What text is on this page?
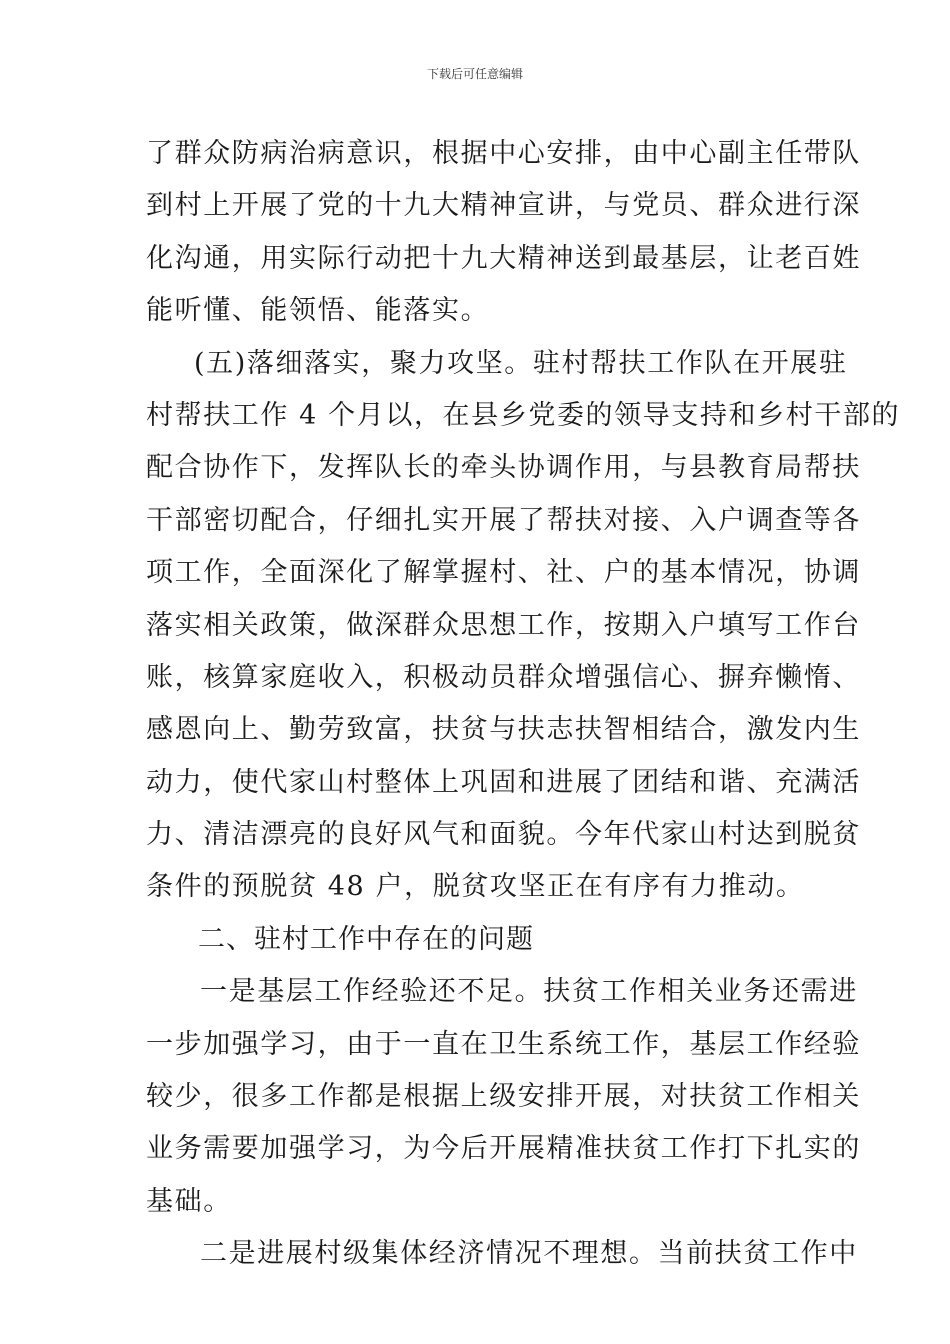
下载后可任意编辑
了群众防病治病意识，根据中心安排，由中心副主任带队
到村上开展了党的十九大精神宣讲，与党员、群众进行深
化沟通，用实际行动把十九大精神送到最基层，让老百姓
能听懂、能领悟、能落实。
(五)落细落实，聚力攻坚。驻村帮扶工作队在开展驻
村帮扶工作 4 个月以，在县乡党委的领导支持和乡村干部的
配合协作下，发挥队长的牵头协调作用，与县教育局帮扶
干部密切配合，仔细扎实开展了帮扶对接、入户调查等各
项工作，全面深化了解掌握村、社、户的基本情况，协调
落实相关政策，做深群众思想工作，按期入户填写工作台
账，核算家庭收入，积极动员群众增强信心、摒弃懒惰、
感恩向上、勤劳致富，扶贫与扶志扶智相结合，激发内生
动力，使代家山村整体上巩固和进展了团结和谐、充满活
力、清洁漂亮的良好风气和面貌。今年代家山村达到脱贫
条件的预脱贫 48 户，脱贫攻坚正在有序有力推动。
二、驻村工作中存在的问题
一是基层工作经验还不足。扶贫工作相关业务还需进
一步加强学习，由于一直在卫生系统工作，基层工作经验
较少，很多工作都是根据上级安排开展，对扶贫工作相关
业务需要加强学习，为今后开展精准扶贫工作打下扎实的
基础。
二是进展村级集体经济情况不理想。当前扶贫工作中
